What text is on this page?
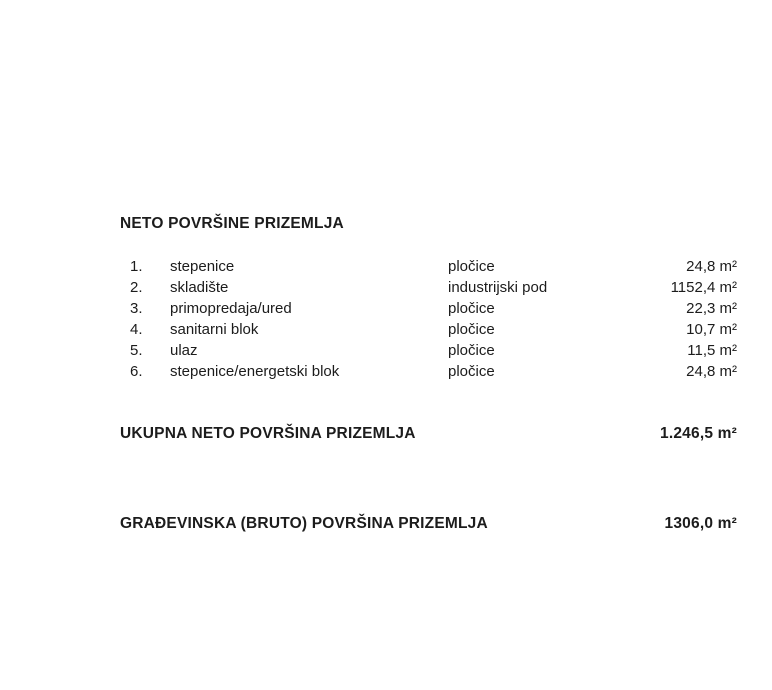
NETO POVRŠINE PRIZEMLJA
1.	stepenice	pločice	24,8 m²
2.	skladište	industrijski pod	1152,4 m²
3.	primopredaja/ured	pločice	22,3 m²
4.	sanitarni blok	pločice	10,7 m²
5.	ulaz	pločice	11,5 m²
6.	stepenice/energetski blok	pločice	24,8 m²
UKUPNA NETO POVRŠINA PRIZEMLJA	1.246,5 m²
GRAĐEVINSKA (BRUTO) POVRŠINA PRIZEMLJA	1306,0 m²
